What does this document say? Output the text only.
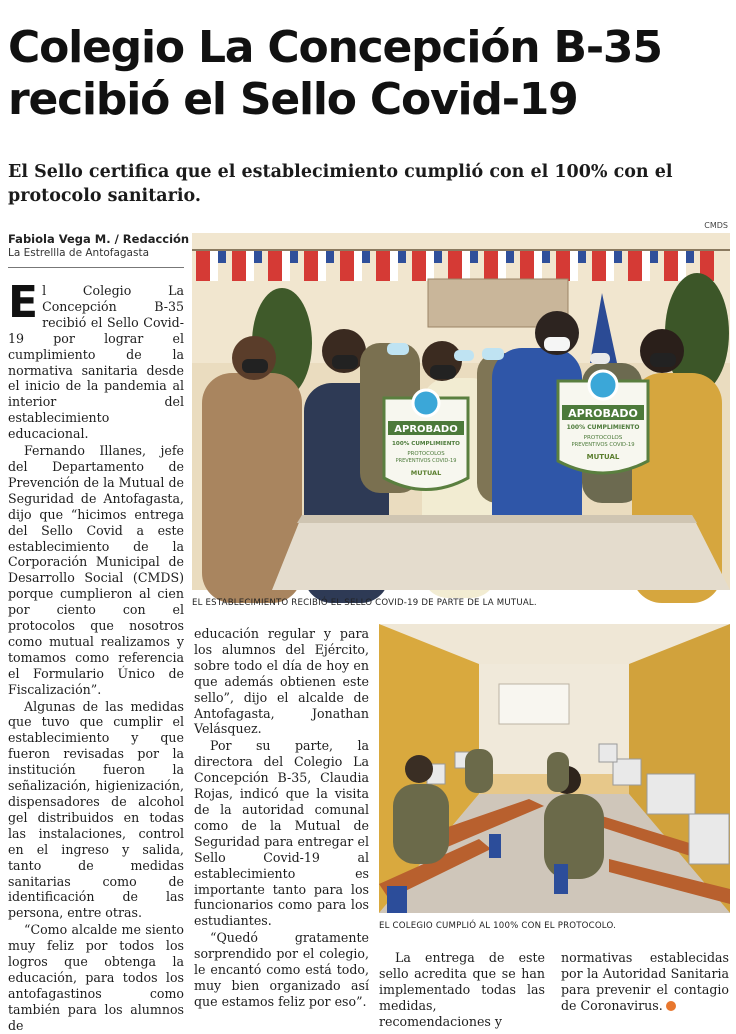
Colegio La Concepción B-35
recibió el Sello Covid-19
El Sello certifica que el establecimiento cumplió con el 100% con el protocolo sanitario.
Fabiola Vega M. / Redacción
La Estrellla de Antofagasta
CMDS

El Colegio La Concepción B-35 recibió el Sello Covid-19 por lograr el cumplimiento de la normativa sanitaria desde el inicio de la pandemia al interior del establecimiento educacional.

Fernando Illanes, jefe del Departamento de Prevención de la Mutual de Seguridad de Antofagasta, dijo que “hicimos entrega del Sello Covid a este establecimiento de la Corporación Municipal de Desarrollo Social (CMDS) porque cumplieron al cien por ciento con el protocolos que nosotros como mutual realizamos y tomamos como referencia el Formulario Único de Fiscalización”.

Algunas de las medidas que tuvo que cumplir el establecimiento y que fueron revisadas por la institución fueron la señalización, higienización, dispensadores de alcohol gel distribuidos en todas las instalaciones, control en el ingreso y salida, tanto de medidas sanitarias como de identificación de las persona, entre otras.

“Como alcalde me siento muy feliz por todos los logros que obtenga la educación, para todos los antofagastinos como también para los alumnos de

APROBADO
100% CUMPLIMIENTO
PROTOCOLOS
PREVENTIVOS COVID-19
MUTUAL
APROBADO
100% CUMPLIMIENTO
PROTOCOLOS
PREVENTIVOS COVID-19
MUTUAL
EL ESTABLECIMIENTO RECIBIÓ EL SELLO COVID-19 DE PARTE DE LA MUTUAL.

educación regular y para los alumnos del Ejército, sobre todo el día de hoy en que además obtienen este sello”, dijo el alcalde de Antofagasta, Jonathan Velásquez.

Por su parte, la directora del Colegio La Concepción B-35, Claudia Rojas, indicó que la visita de la autoridad comunal como de la Mutual de Seguridad para entregar el Sello Covid-19 al establecimiento es importante tanto para los funcionarios como para los estudiantes.

“Quedó gratamente sorprendido por el colegio, le encantó como está todo, muy bien organizado así que estamos feliz por eso”.

EL COLEGIO CUMPLIÓ AL 100% CON EL PROTOCOLO.

La entrega de este sello acredita que se han implementado todas las medidas, recomendaciones y

normativas establecidas por la Autoridad Sanitaria para prevenir el contagio de Coronavirus.
